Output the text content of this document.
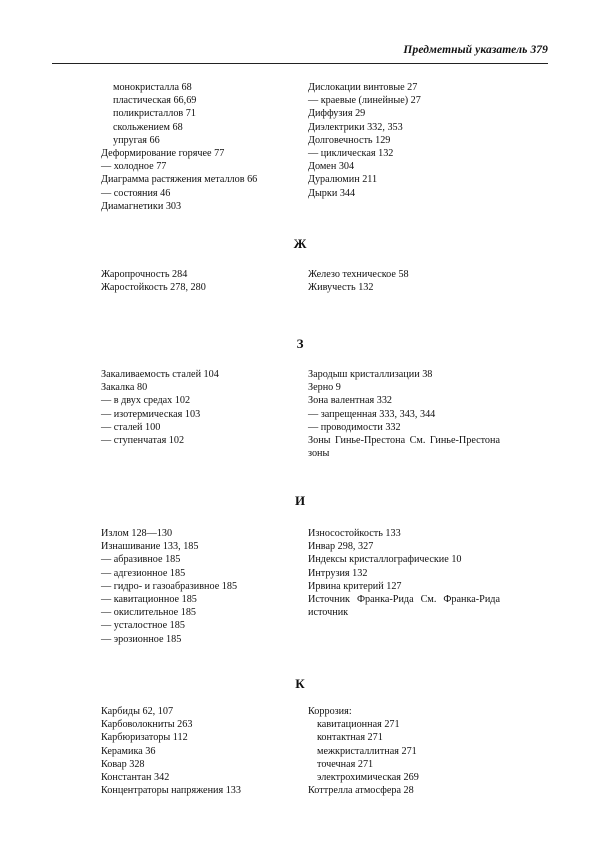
Предметный указатель 379
монокристалла 68
пластическая 66,69
поликристаллов 71
скольжением 68
упругая 66
Деформирование горячее 77
— холодное 77
Диаграмма растяжения металлов 66
— состояния 46
Диамагнетики 303
Дислокации винтовые 27
— краевые (линейные) 27
Диффузия 29
Диэлектрики 332, 353
Долговечность 129
— циклическая 132
Домен 304
Дуралюмин 211
Дырки 344
Ж
Жаропрочность 284
Жаростойкость 278, 280
Железо техническое 58
Живучесть 132
З
Закаливаемость сталей 104
Закалка 80
— в двух средах 102
— изотермическая 103
— сталей 100
— ступенчатая 102
Зародыш кристаллизации 38
Зерно 9
Зона валентная 332
— запрещенная 333, 343, 344
— проводимости 332
Зоны Гинье-Престона См. Гинье-Престона зоны
И
Излом 128—130
Изнашивание 133, 185
— абразивное 185
— адгезионное 185
— гидро- и газоабразивное 185
— кавитационное 185
— окислительное 185
— усталостное 185
— эрозионное 185
Износостойкость 133
Инвар 298, 327
Индексы кристаллографические 10
Интрузия 132
Ирвина критерий 127
Источник Франка-Рида См. Франка-Рида источник
К
Карбиды 62, 107
Карбоволокниты 263
Карбюризаторы 112
Керамика 36
Ковар 328
Константан 342
Концентраторы напряжения 133
Коррозия:
кавитационная 271
контактная 271
межкристаллитная 271
точечная 271
электрохимическая 269
Коттрелла атмосфера 28
